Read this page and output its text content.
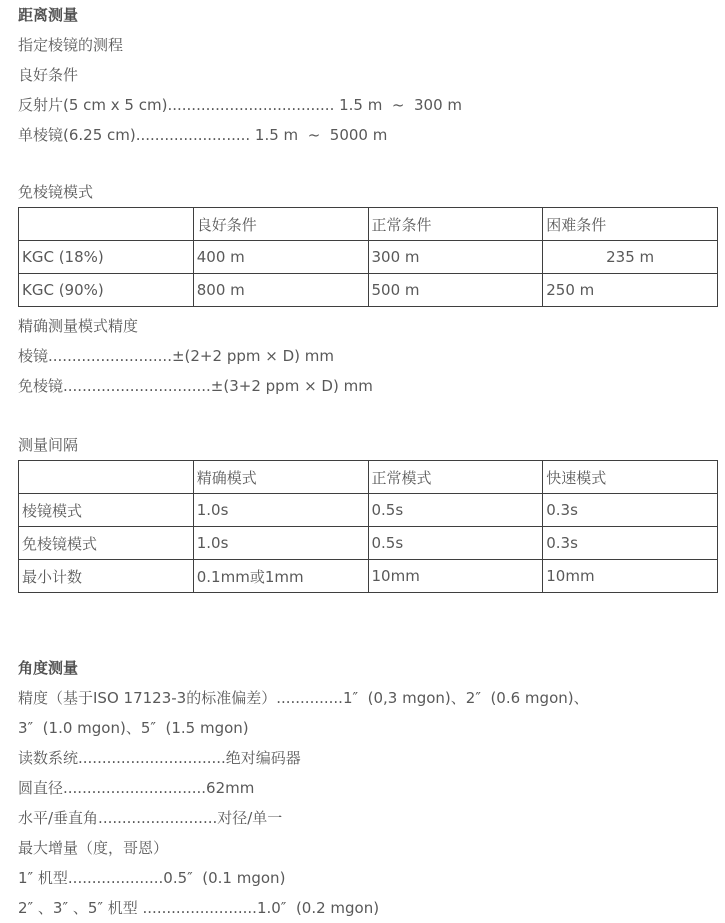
距离测量
指定棱镜的测程
良好条件
反射片(5 cm x 5 cm)................................... 1.5 m  ~  300 m
单棱镜(6.25 cm)........................ 1.5 m  ~  5000 m
免棱镜模式
	良好条件	正常条件	困难条件
KGC (18%)	400 m	300 m	235 m
KGC (90%)	800 m	500 m	250 m
精确测量模式精度
棱镜..........................±(2+2 ppm × D) mm
免棱镜...............................±(3+2 ppm × D) mm
测量间隔
	精确模式	正常模式	快速模式
棱镜模式	1.0s	0.5s	0.3s
免棱镜模式	1.0s	0.5s	0.3s
最小计数	0.1mm或1mm	10mm	10mm
角度测量
精度（基于ISO 17123-3的标准偏差）..............1″  (0,3 mgon)、2″  (0.6 mgon)、
3″  (1.0 mgon)、5″  (1.5 mgon)
读数系统...............................绝对编码器
圆直径..............................62mm
水平/垂直角.........................对径/单一
最大增量（度，哥恩）
1″ 机型....................0.5″  (0.1 mgon)
2″ 、3″ 、5″ 机型 ........................1.0″  (0.2 mgon)
